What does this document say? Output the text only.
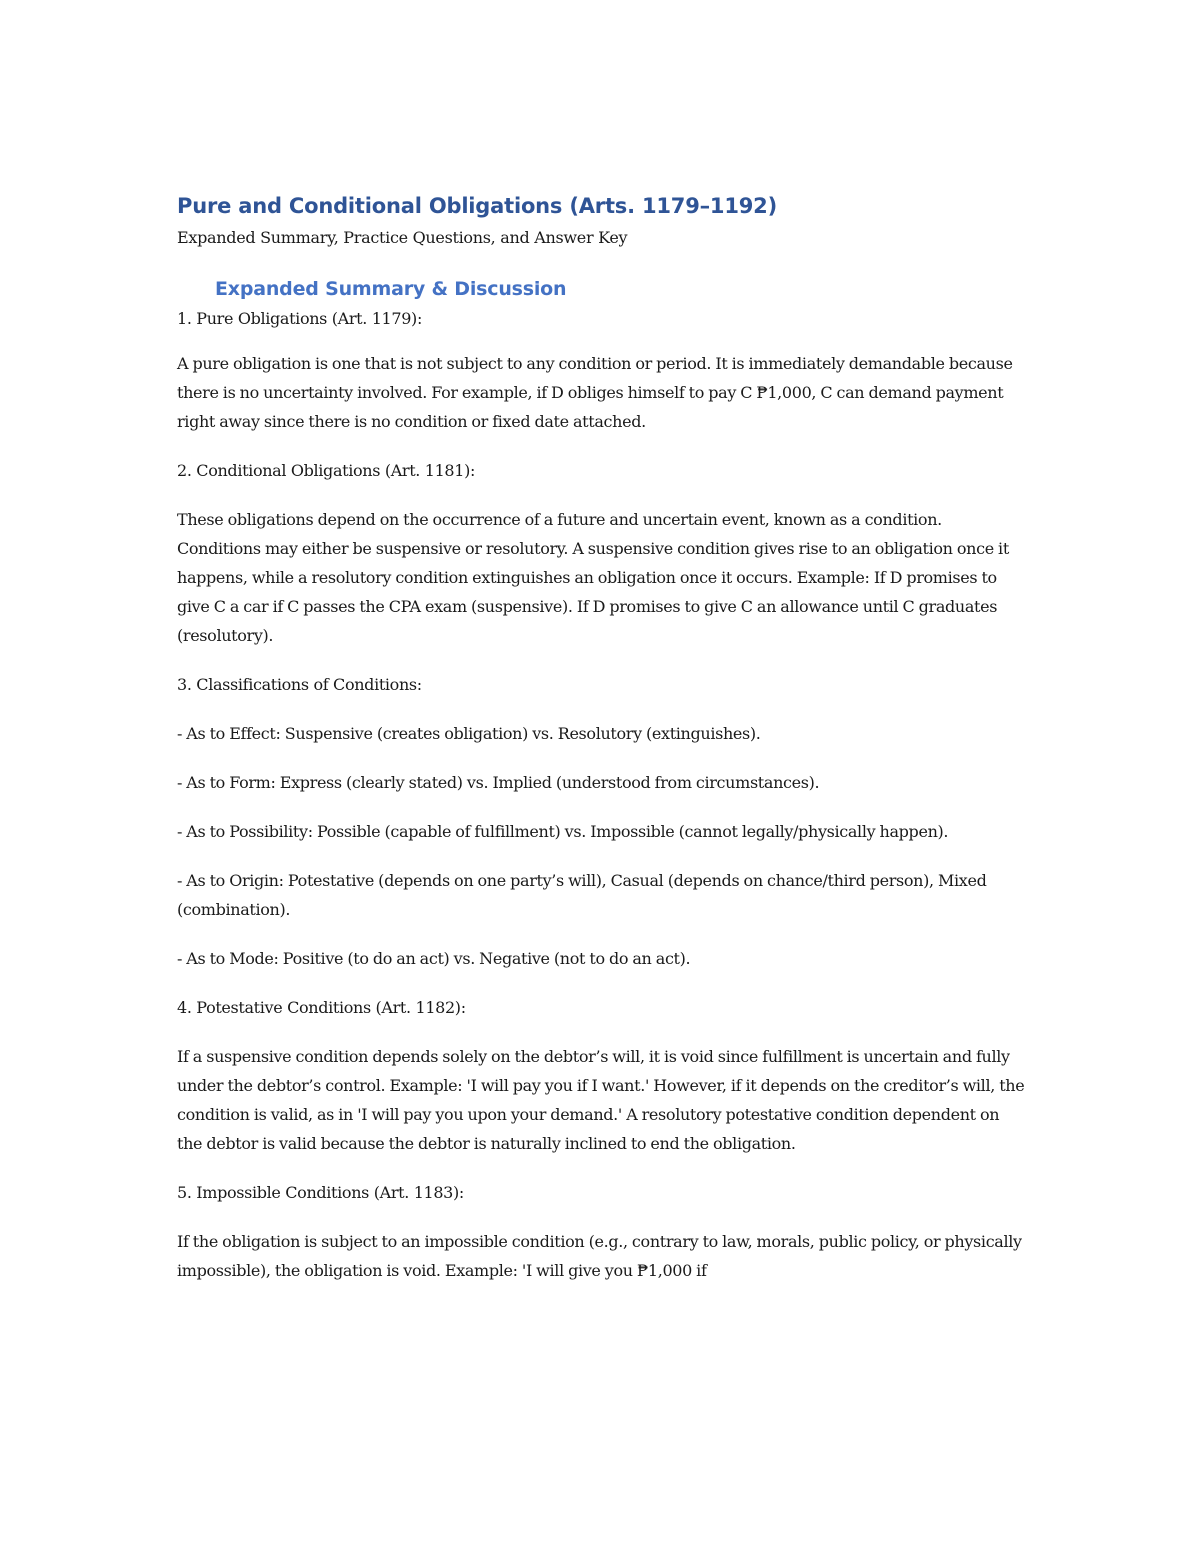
Pure and Conditional Obligations (Arts. 1179–1192)

Expanded Summary, Practice Questions, and Answer Key

Expanded Summary & Discussion

1. Pure Obligations (Art. 1179):

A pure obligation is one that is not subject to any condition or period. It is immediately demandable because there is no uncertainty involved. For example, if D obliges himself to pay C ₱1,000, C can demand payment right away since there is no condition or fixed date attached.

2. Conditional Obligations (Art. 1181):

These obligations depend on the occurrence of a future and uncertain event, known as a condition. Conditions may either be suspensive or resolutory. A suspensive condition gives rise to an obligation once it happens, while a resolutory condition extinguishes an obligation once it occurs. Example: If D promises to give C a car if C passes the CPA exam (suspensive). If D promises to give C an allowance until C graduates (resolutory).

3. Classifications of Conditions:

- As to Effect: Suspensive (creates obligation) vs. Resolutory (extinguishes).

- As to Form: Express (clearly stated) vs. Implied (understood from circumstances).

- As to Possibility: Possible (capable of fulfillment) vs. Impossible (cannot legally/physically happen).

- As to Origin: Potestative (depends on one party’s will), Casual (depends on chance/third person), Mixed (combination).

- As to Mode: Positive (to do an act) vs. Negative (not to do an act).

4. Potestative Conditions (Art. 1182):

If a suspensive condition depends solely on the debtor’s will, it is void since fulfillment is uncertain and fully under the debtor’s control. Example: 'I will pay you if I want.' However, if it depends on the creditor’s will, the condition is valid, as in 'I will pay you upon your demand.' A resolutory potestative condition dependent on the debtor is valid because the debtor is naturally inclined to end the obligation.

5. Impossible Conditions (Art. 1183):

If the obligation is subject to an impossible condition (e.g., contrary to law, morals, public policy, or physically impossible), the obligation is void. Example: 'I will give you ₱1,000 if
